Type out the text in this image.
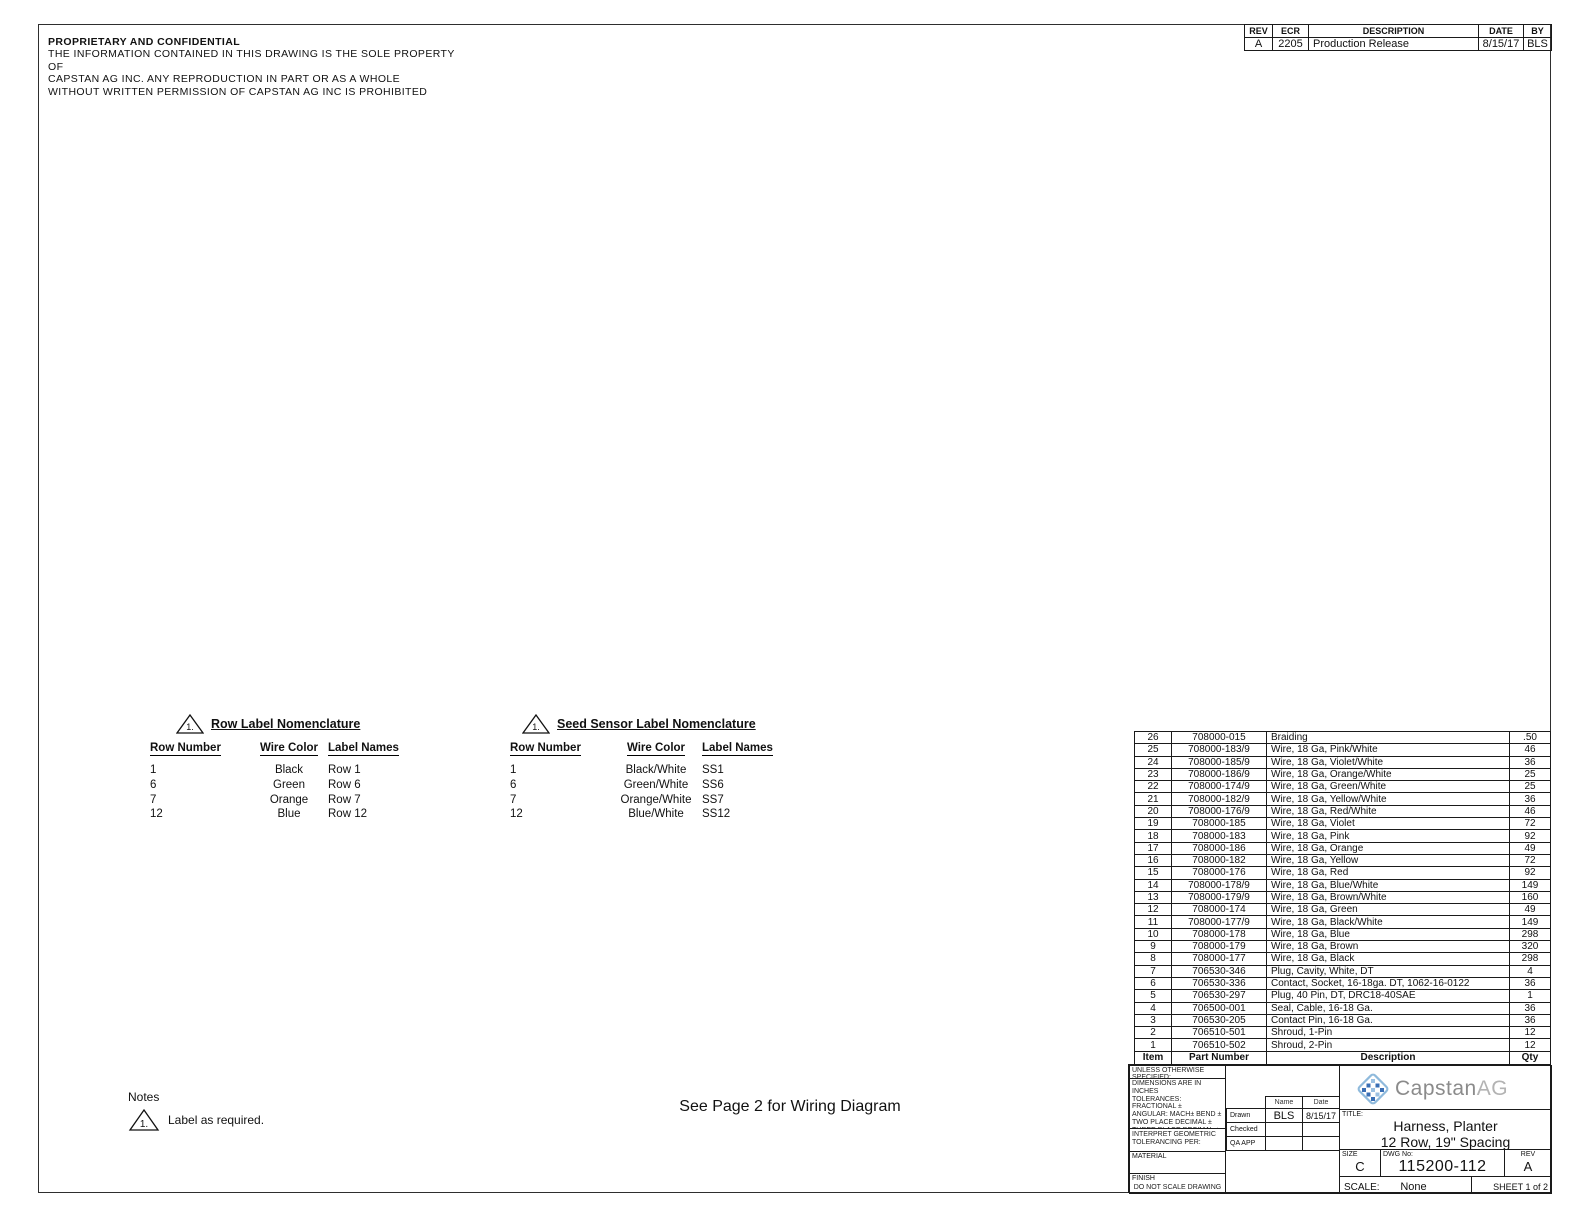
PROPRIETARY AND CONFIDENTIAL
THE INFORMATION CONTAINED IN THIS DRAWING IS THE SOLE PROPERTY OF
CAPSTAN AG INC. ANY REPRODUCTION IN PART OR AS A WHOLE
WITHOUT WRITTEN PERMISSION OF CAPSTAN AG INC IS PROHIBITED
REV	ECR	DESCRIPTION	DATE	BY
A	2205	Production Release	8/15/17	BLS
1. Row Label Nomenclature
Row Number	Wire Color Label Names
1	Black	Row 1
6	Green	Row 6
7	Orange	Row 7
12	Blue	Row 12
1. Seed Sensor Label Nomenclature
Row Number	Wire Color	Label Names
1	Black/White	SS1
6	Green/White	SS6
7	Orange/White SS7
12	Blue/White	SS12
26	708000-015	Braiding	.50
25	708000-183/9	Wire, 18 Ga, Pink/White	46
24	708000-185/9	Wire, 18 Ga, Violet/White	36
23	708000-186/9	Wire, 18 Ga, Orange/White	25
22	708000-174/9	Wire, 18 Ga, Green/White	25
21	708000-182/9	Wire, 18 Ga, Yellow/White	36
20	708000-176/9	Wire, 18 Ga, Red/White	46
19	708000-185	Wire, 18 Ga, Violet	72
18	708000-183	Wire, 18 Ga, Pink	92
17	708000-186	Wire, 18 Ga, Orange	49
16	708000-182	Wire, 18 Ga, Yellow	72
15	708000-176	Wire, 18 Ga, Red	92
14	708000-178/9	Wire, 18 Ga, Blue/White	149
13	708000-179/9	Wire, 18 Ga, Brown/White	160
12	708000-174	Wire, 18 Ga, Green	49
11	708000-177/9	Wire, 18 Ga, Black/White	149
10	708000-178	Wire, 18 Ga, Blue	298
9	708000-179	Wire, 18 Ga, Brown	320
8	708000-177	Wire, 18 Ga, Black	298
7	706530-346	Plug, Cavity, White, DT	4
6	706530-336	Contact, Socket, 16-18ga. DT, 1062-16-0122	36
5	706530-297	Plug, 40 Pin, DT, DRC18-40SAE	1
4	706500-001	Seal, Cable, 16-18 Ga.	36
3	706530-205	Contact Pin, 16-18 Ga.	36
2	706510-501	Shroud, 1-Pin	12
1	706510-502	Shroud, 2-Pin	12
Item	Part Number	Description	Qty
UNLESS OTHERWISE SPECIFIED:
DIMENSIONS ARE IN INCHES
TOLERANCES:
FRACTIONAL ±
ANGULAR: MACH± BEND ±
TWO PLACE DECIMAL ±
INTERPRET GEOMETRIC
TOLERANCING PER:
MATERIAL
FINISH
DO NOT SCALE DRAWING
	Name	Date
Drawn	BLS	8/15/17
Checked		
QA APP		
CapstanAG
TITLE:
Harness, Planter
12 Row, 19" Spacing
SIZE
C
DWG No:
115200-112
REV
A
SCALE: None	SHEET 1 of 2
Notes
1. Label as required.
See Page 2 for Wiring Diagram
